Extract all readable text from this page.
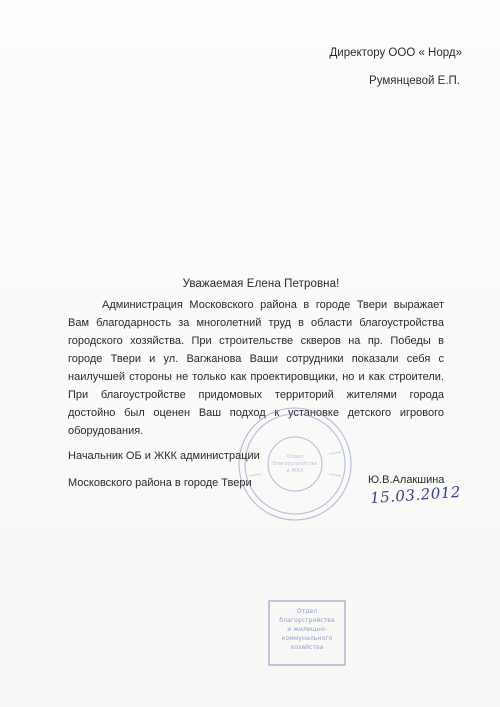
Директору ООО « Норд»
Румянцевой Е.П.
Уважаемая Елена Петровна!
Администрация Московского района в городе Твери выражает Вам благодарность за многолетний труд в области благоустройства городского хозяйства. При строительстве скверов на пр. Победы в городе Твери и ул. Вагжанова Ваши сотрудники показали себя с наилучшей стороны не только как проектировщики, но и как строители. При благоустройстве придомовых территорий жителями города достойно был оценен Ваш подход к установке детского игрового оборудования.
Отдел
благоустройства
и ЖКХ
Начальник ОБ и ЖКК администрации
Московского района в городе Твери	Ю.В.Алакшина
15.03.2012
Отдел
благоустройства
и жилищно-
коммунального
хозяйства
